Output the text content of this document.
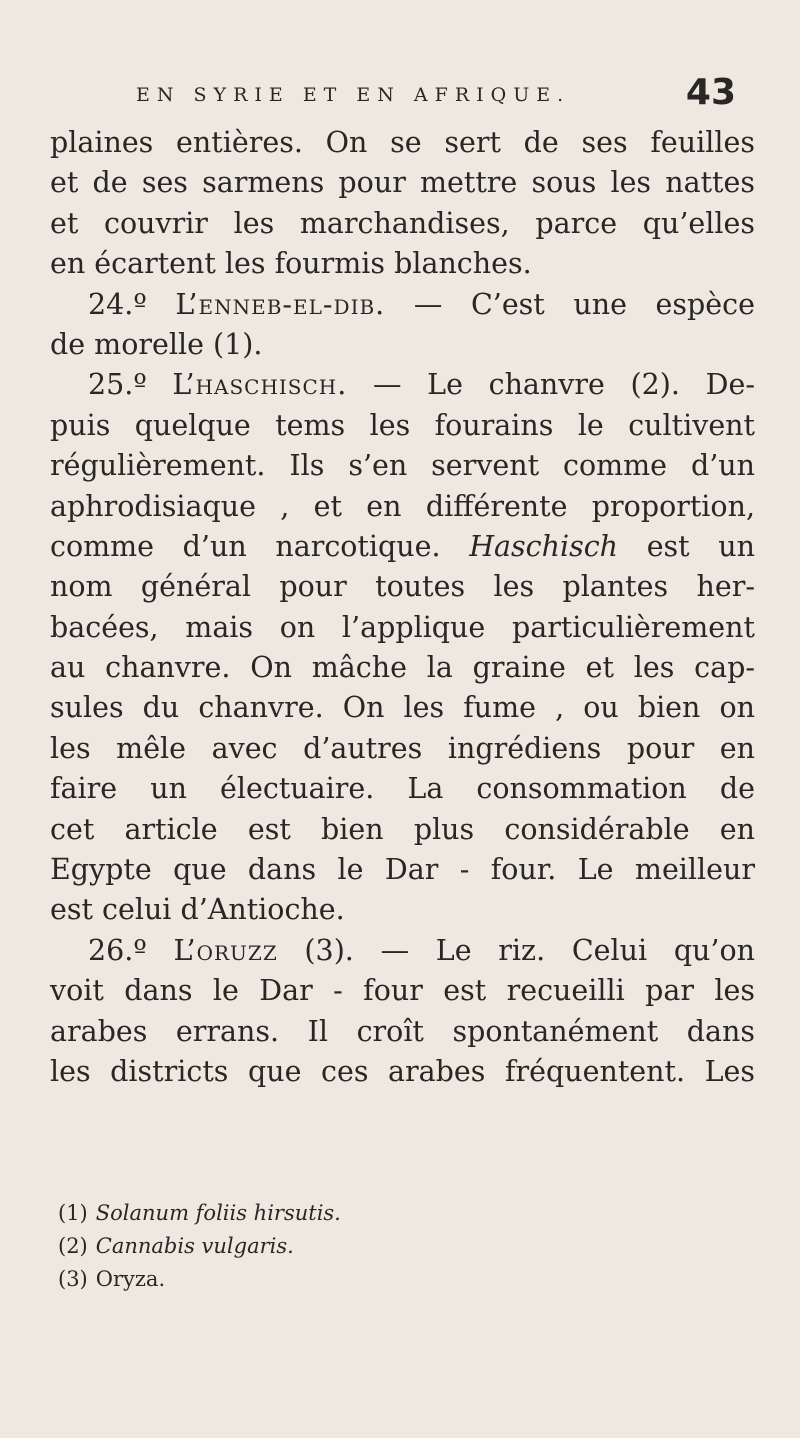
EN SYRIE ET EN AFRIQUE.	43
plaines entières. On se sert de ses feuilles
et de ses sarmens pour mettre sous les nattes
et couvrir les marchandises, parce qu’elles
en écartent les fourmis blanches.
24.º L’enneb-el-dib. — C’est une espèce
de morelle (1).
25.º L’haschisch. — Le chanvre (2). De-
puis quelque tems les fourains le cultivent
régulièrement. Ils s’en servent comme d’un
aphrodisiaque , et en différente proportion,
comme d’un narcotique. Haschisch est un
nom général pour toutes les plantes her-
bacées, mais on l’applique particulièrement
au chanvre. On mâche la graine et les cap-
sules du chanvre. On les fume , ou bien on
les mêle avec d’autres ingrédiens pour en
faire un électuaire. La consommation de
cet article est bien plus considérable en
Egypte que dans le Dar - four. Le meilleur
est celui d’Antioche.
26.º L’oruzz (3). — Le riz. Celui qu’on
voit dans le Dar - four est recueilli par les
arabes errans. Il croît spontanément dans
les districts que ces arabes fréquentent. Les
(1) Solanum foliis hirsutis.
(2) Cannabis vulgaris.
(3) Oryza.
